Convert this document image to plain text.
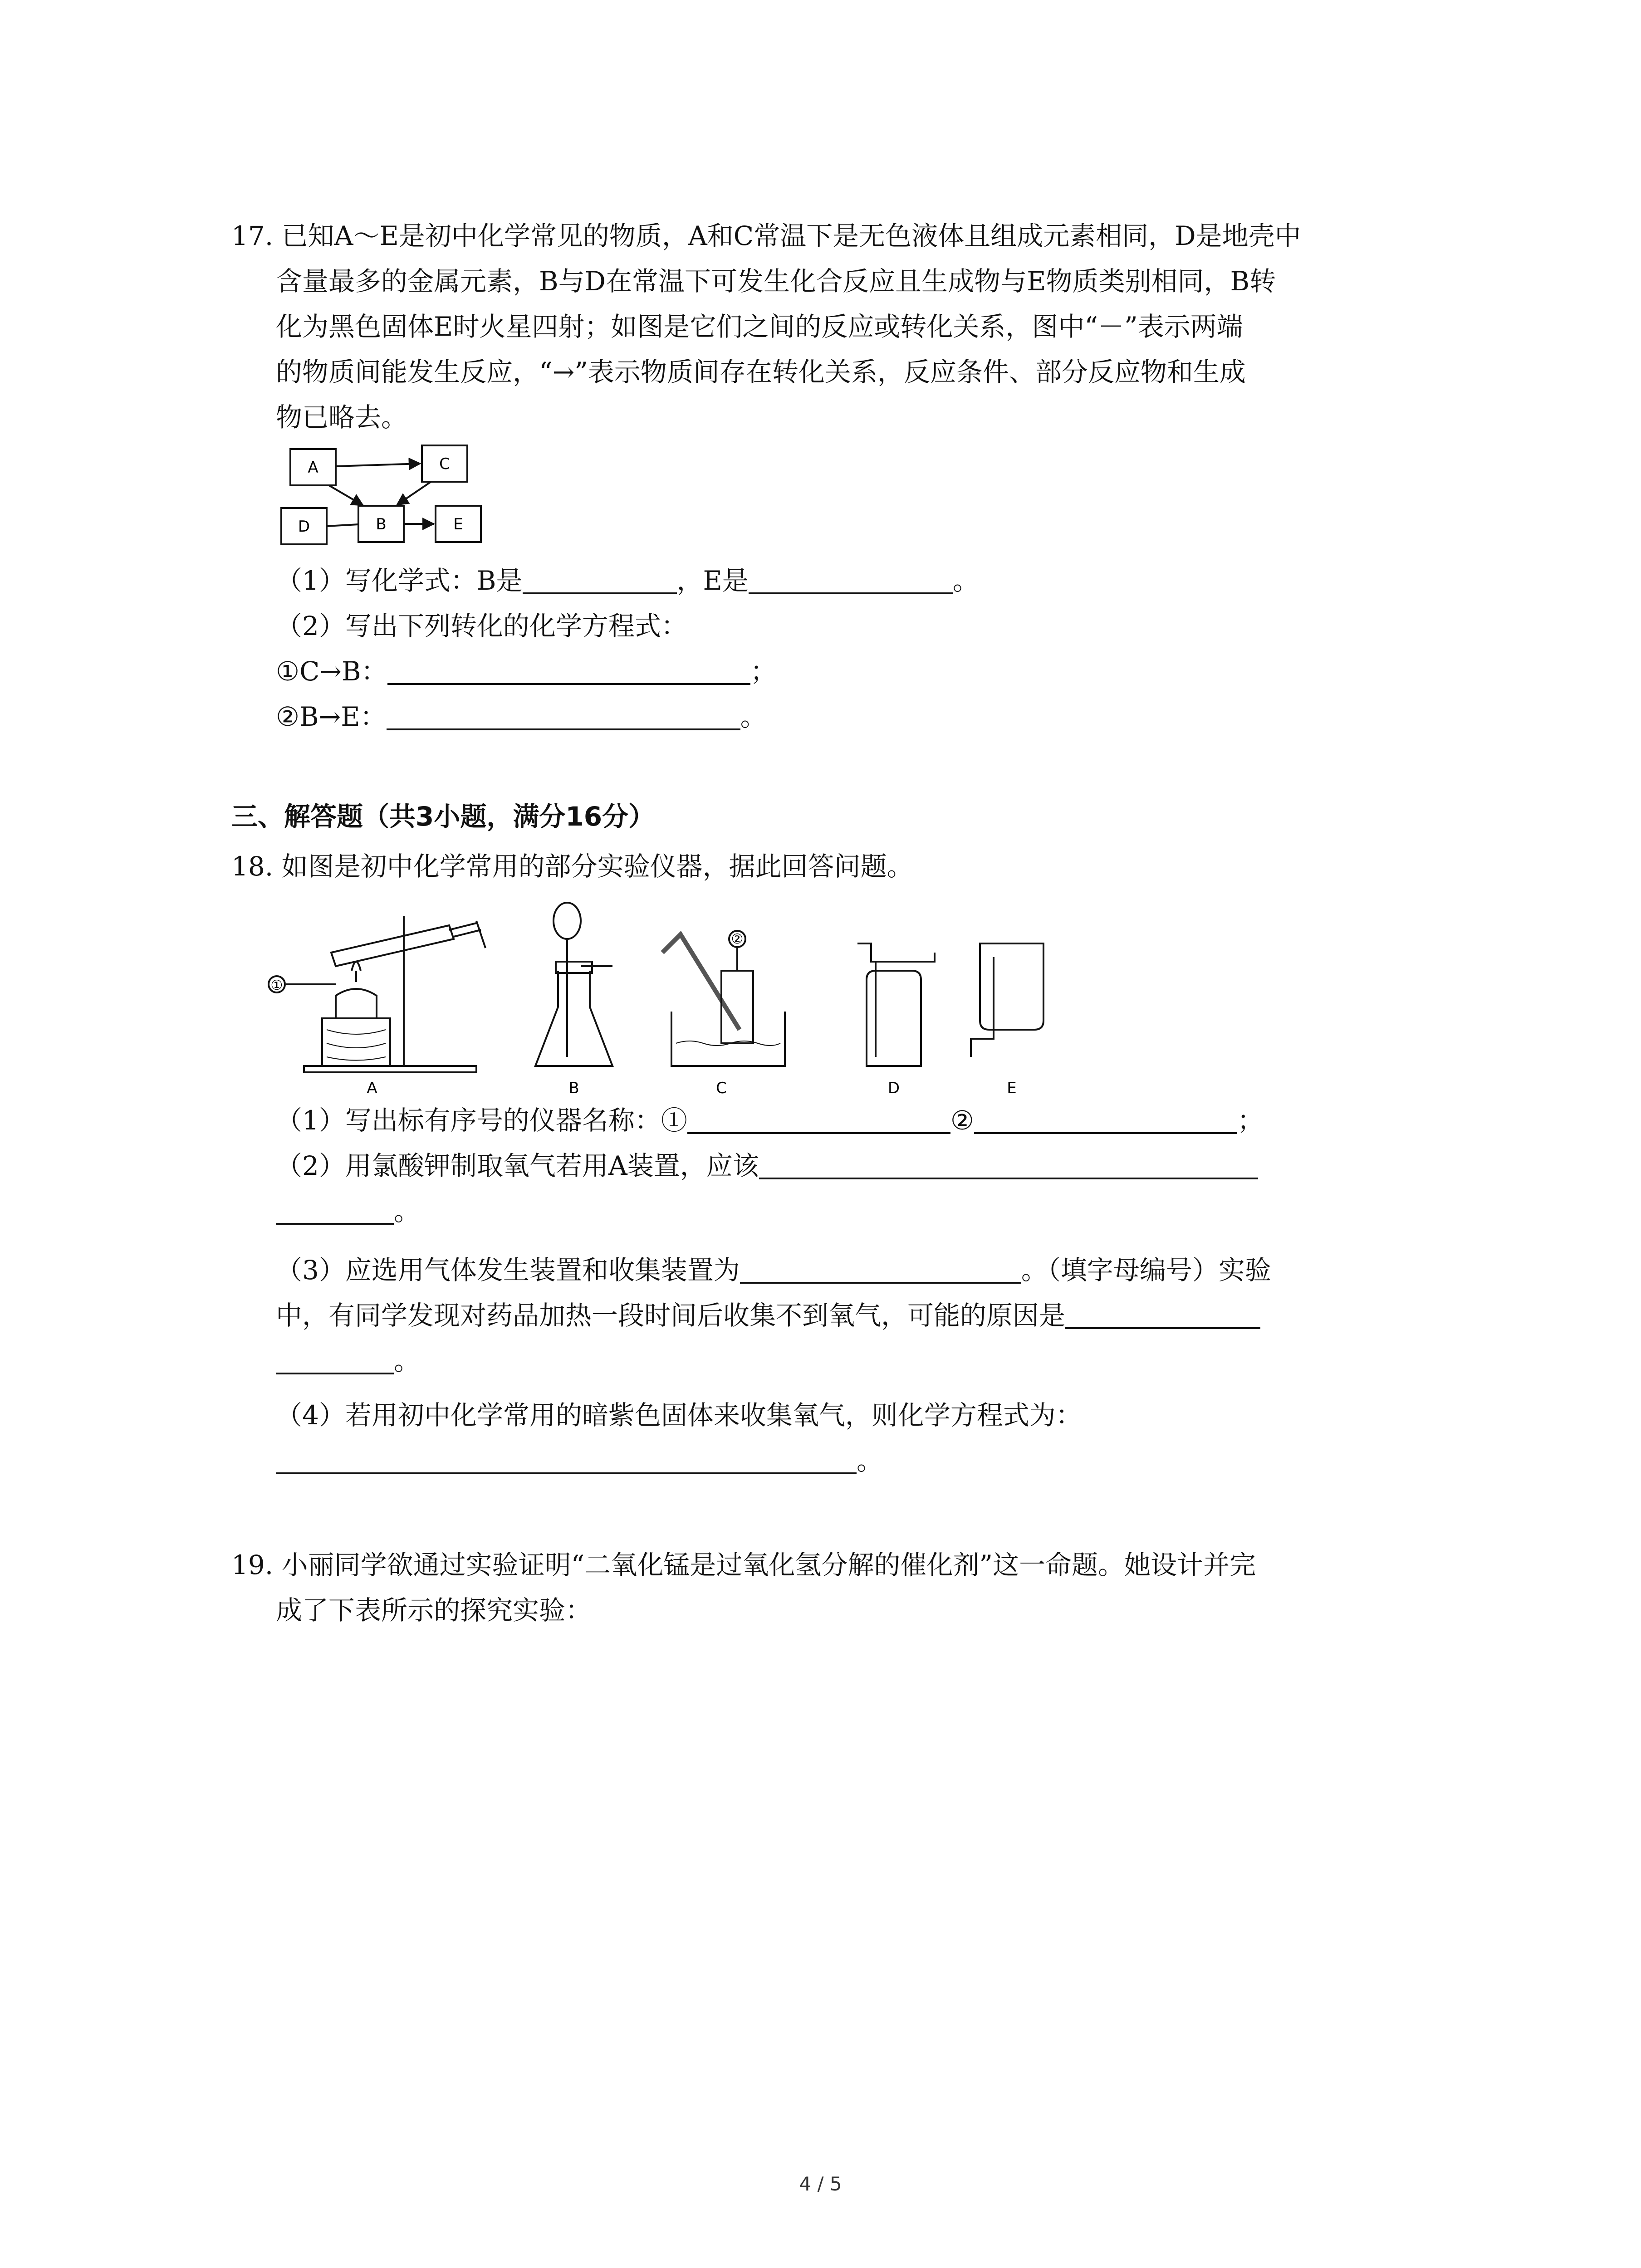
17. 已知A～E是初中化学常见的物质，A和C常温下是无色液体且组成元素相同，D是地壳中
含量最多的金属元素，B与D在常温下可发生化合反应且生成物与E物质类别相同，B转
化为黑色固体E时火星四射；如图是它们之间的反应或转化关系，图中“－”表示两端
的物质间能发生反应，“→”表示物质间存在转化关系，反应条件、部分反应物和生成
物已略去。
A	C
D	B	E
（1）写化学式：B是	，E是	。
（2）写出下列转化的化学方程式：
①C→B：	；
②B→E：	。
三、解答题（共3小题，满分16分）
18. 如图是初中化学常用的部分实验仪器，据此回答问题。
①
②
A	B	C	D	E
（1）写出标有序号的仪器名称：①	②	；
（2）用氯酸钾制取氧气若用A装置，应该
。
（3）应选用气体发生装置和收集装置为	。（填字母编号）实验
中，有同学发现对药品加热一段时间后收集不到氧气，可能的原因是
。
（4）若用初中化学常用的暗紫色固体来收集氧气，则化学方程式为：
。
19. 小丽同学欲通过实验证明“二氧化锰是过氧化氢分解的催化剂”这一命题。她设计并完
成了下表所示的探究实验：
4 / 5
